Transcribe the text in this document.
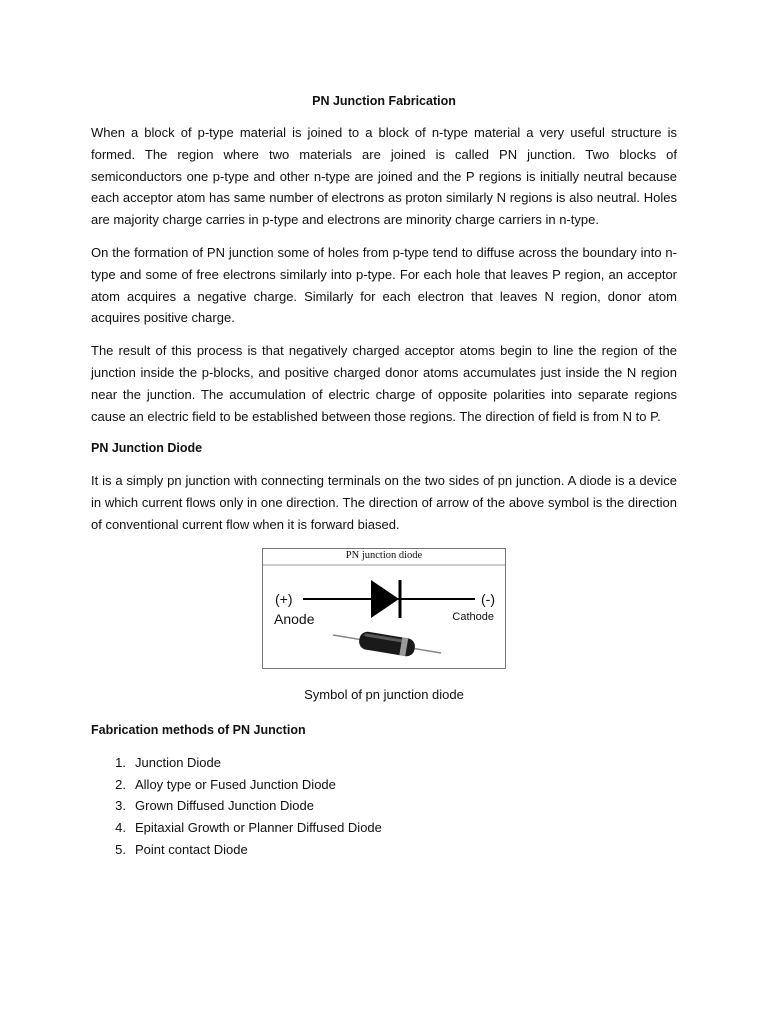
PN Junction Fabrication

When a block of p-type material is joined to a block of n-type material a very useful structure is formed. The region where two materials are joined is called PN junction. Two blocks of semiconductors one p-type and other n-type are joined and the P regions is initially neutral because each acceptor atom has same number of electrons as proton similarly N regions is also neutral. Holes are majority charge carries in p-type and electrons are minority charge carriers in n-type.

On the formation of PN junction some of holes from p-type tend to diffuse across the boundary into n-type and some of free electrons similarly into p-type. For each hole that leaves P region, an acceptor atom acquires a negative charge. Similarly for each electron that leaves N region, donor atom acquires positive charge.

The result of this process is that negatively charged acceptor atoms begin to line the region of the junction inside the p-blocks, and positive charged donor atoms accumulates just inside the N region near the junction. The accumulation of electric charge of opposite polarities into separate regions cause an electric field to be established between those regions. The direction of field is from N to P.

PN Junction Diode

It is a simply pn junction with connecting terminals on the two sides of pn junction. A diode is a device in which current flows only in one direction. The direction of arrow of the above symbol is the direction of conventional current flow when it is forward biased.

PN junction diode
(+)	(-)
Anode	Cathode
Symbol of pn junction diode
Fabrication methods of PN Junction
1. Junction Diode
2. Alloy type or Fused Junction Diode
3. Grown Diffused Junction Diode
4. Epitaxial Growth or Planner Diffused Diode
5. Point contact Diode
